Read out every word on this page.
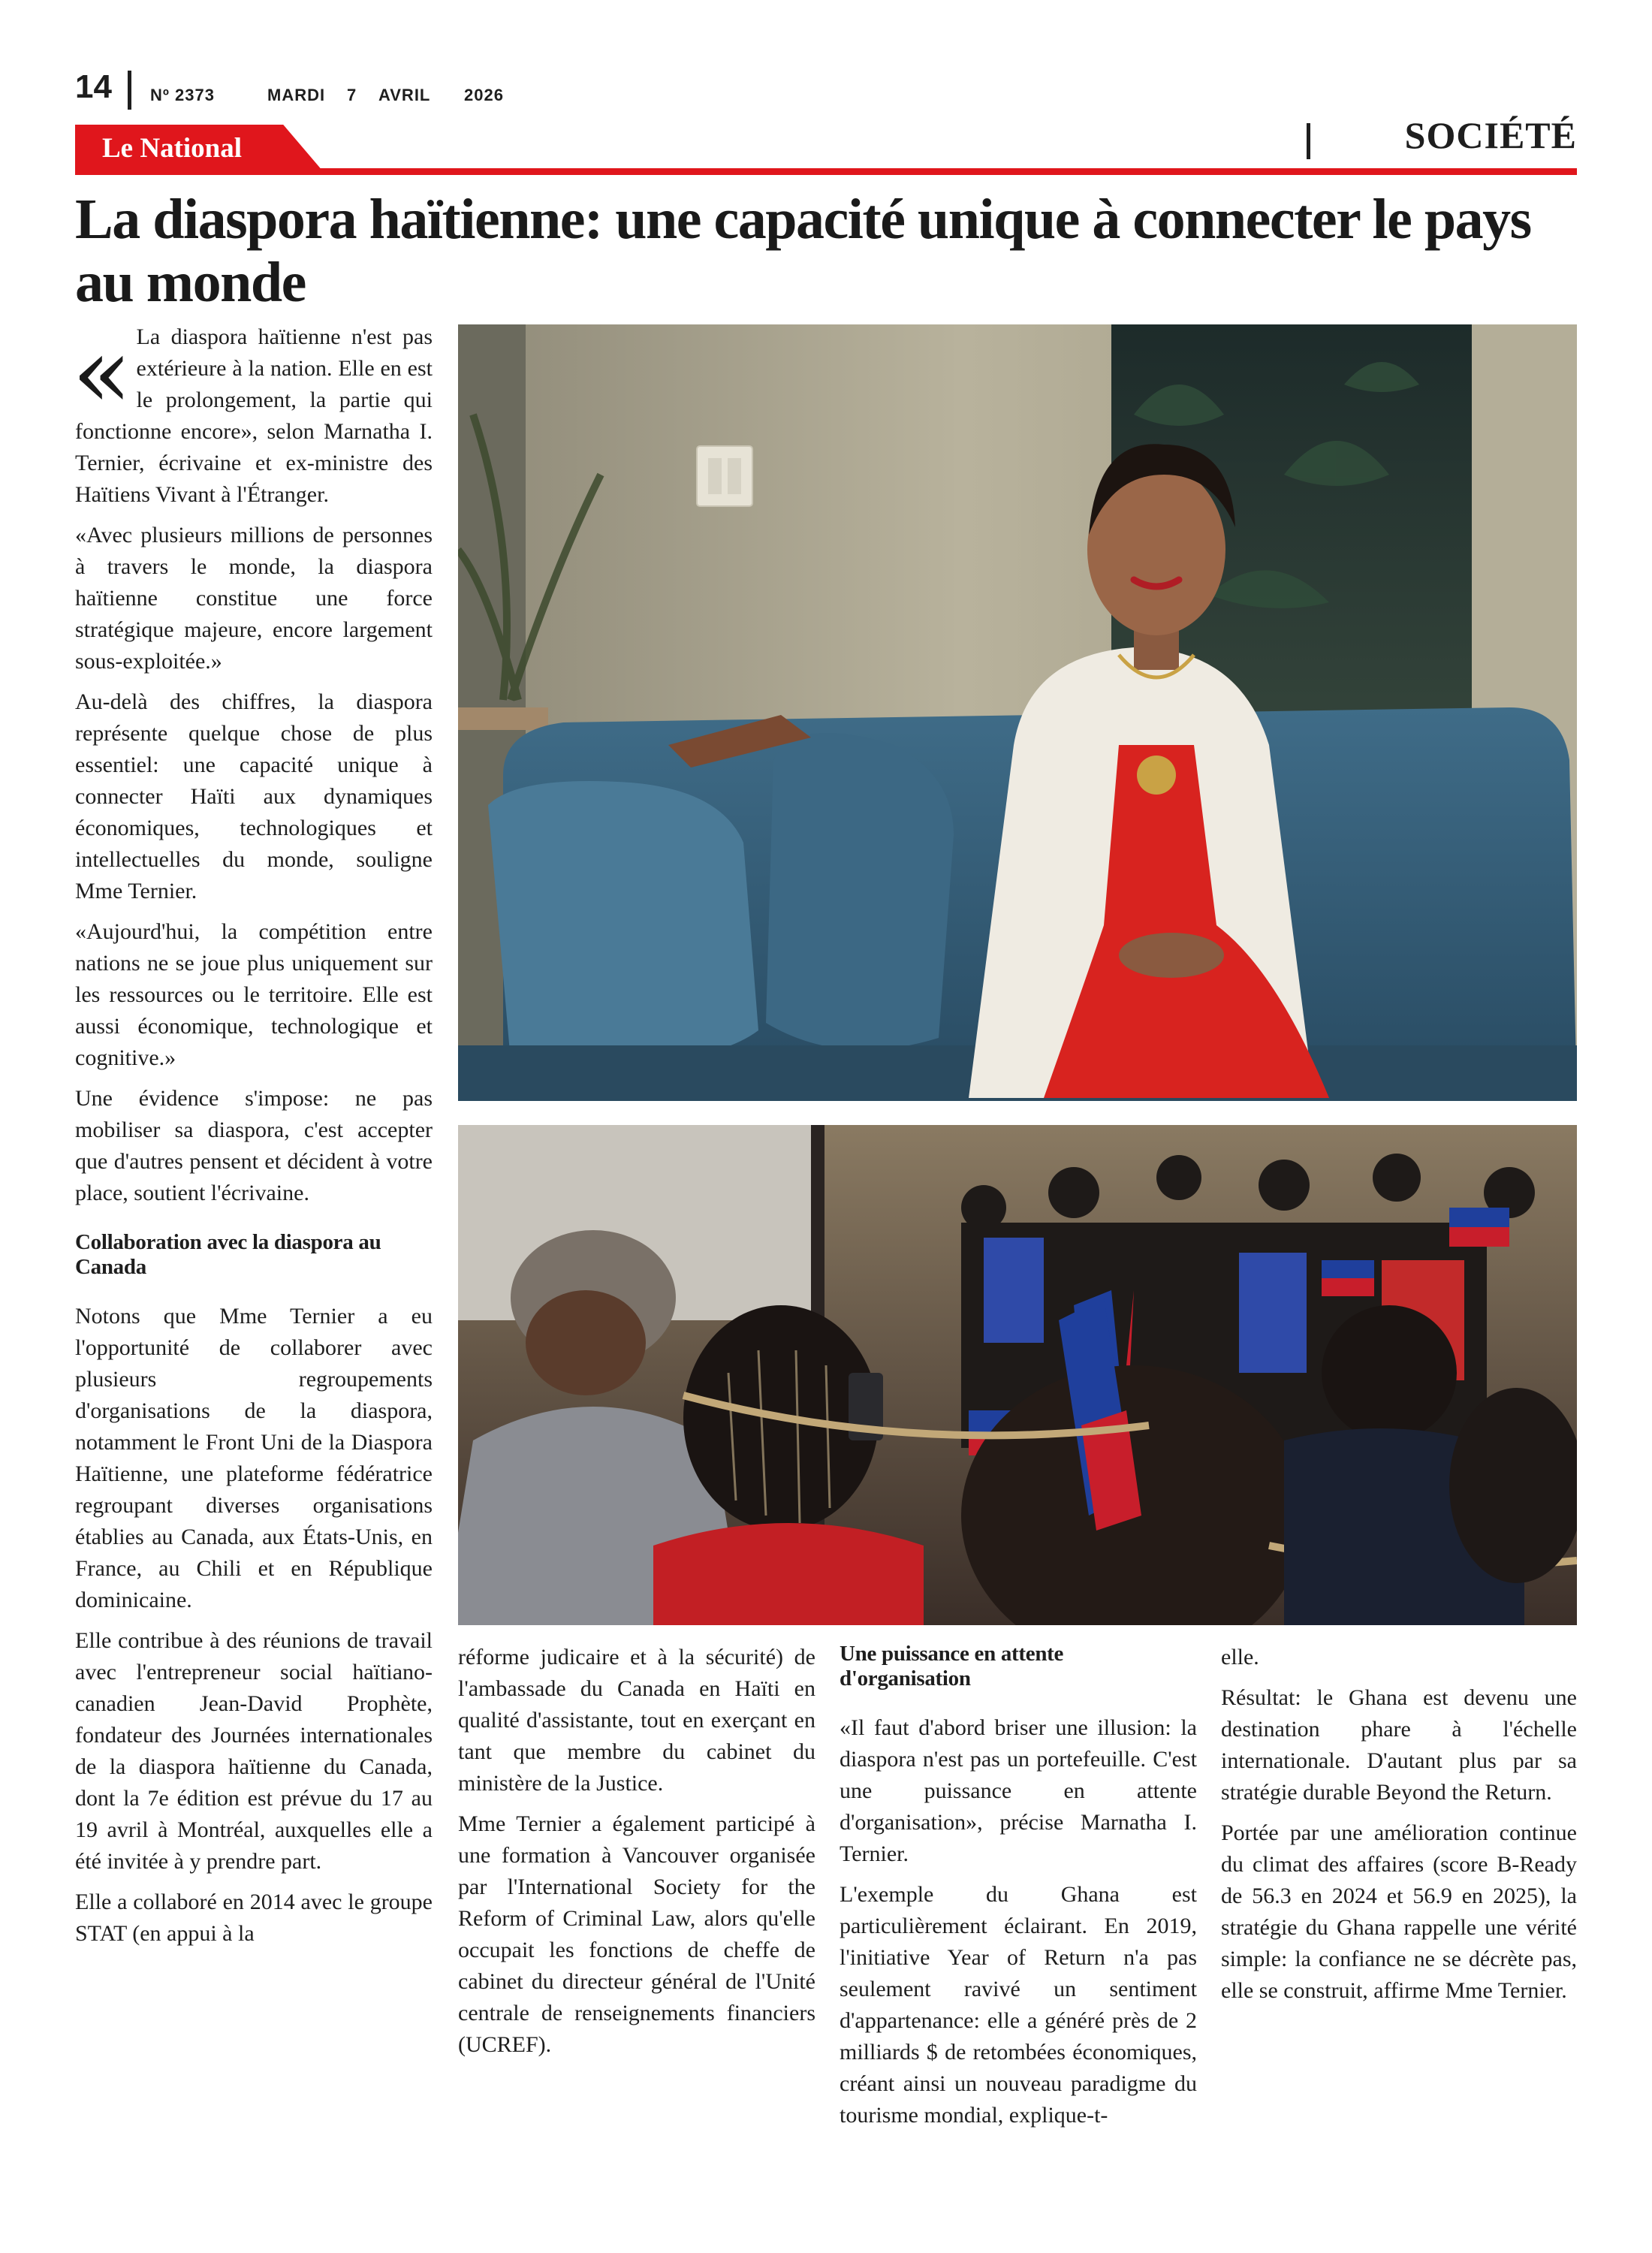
14 Nº 2373	MARDI 7 AVRIL 2026
Le National	SOCIÉTÉ
La diaspora haïtienne: une capacité unique à connecter le pays au monde

« La diaspora haïtienne n'est pas extérieure à la nation. Elle en est le prolongement, la partie qui fonctionne encore», selon Marnatha I. Ternier, écrivaine et ex-ministre des Haïtiens Vivant à l'Étranger.

«Avec plusieurs millions de personnes à travers le monde, la diaspora haïtienne constitue une force stratégique majeure, encore largement sous-exploitée.»

Au-delà des chiffres, la diaspora représente quelque chose de plus essentiel: une capacité unique à connecter Haïti aux dynamiques économiques, technologiques et intellectuelles du monde, souligne Mme Ternier.

«Aujourd'hui, la compétition entre nations ne se joue plus uniquement sur les ressources ou le territoire. Elle est aussi économique, technologique et cognitive.»

Une évidence s'impose: ne pas mobiliser sa diaspora, c'est accepter que d'autres pensent et décident à votre place, soutient l'écrivaine.

Collaboration avec la diaspora au Canada

Notons que Mme Ternier a eu l'opportunité de collaborer avec plusieurs regroupements d'organisations de la diaspora, notamment le Front Uni de la Diaspora Haïtienne, une plateforme fédératrice regroupant diverses organisations établies au Canada, aux États-Unis, en France, au Chili et en République dominicaine.

Elle contribue à des réunions de travail avec l'entrepreneur social haïtiano-canadien Jean-David Prophète, fondateur des Journées internationales de la diaspora haïtienne du Canada, dont la 7e édition est prévue du 17 au 19 avril à Montréal, auxquelles elle a été invitée à y prendre part.

Elle a collaboré en 2014 avec le groupe STAT (en appui à la

réforme judicaire et à la sécurité) de l'ambassade du Canada en Haïti en qualité d'assistante, tout en exerçant en tant que membre du cabinet du ministère de la Justice.

Mme Ternier a également participé à une formation à Vancouver organisée par l'International Society for the Reform of Criminal Law, alors qu'elle occupait les fonctions de cheffe de cabinet du directeur général de l'Unité centrale de renseignements financiers (UCREF).

Une puissance en attente d'organisation

«Il faut d'abord briser une illusion: la diaspora n'est pas un portefeuille. C'est une puissance en attente d'organisation», précise Marnatha I. Ternier.

L'exemple du Ghana est particulièrement éclairant. En 2019, l'initiative Year of Return n'a pas seulement ravivé un sentiment d'appartenance: elle a généré près de 2 milliards $ de retombées économiques, créant ainsi un nouveau paradigme du tourisme mondial, explique-t-

elle.

Résultat: le Ghana est devenu une destination phare à l'échelle internationale. D'autant plus par sa stratégie durable Beyond the Return.

Portée par une amélioration continue du climat des affaires (score B-Ready de 56.3 en 2024 et 56.9 en 2025), la stratégie du Ghana rappelle une vérité simple: la confiance ne se décrète pas, elle se construit, affirme Mme Ternier.
